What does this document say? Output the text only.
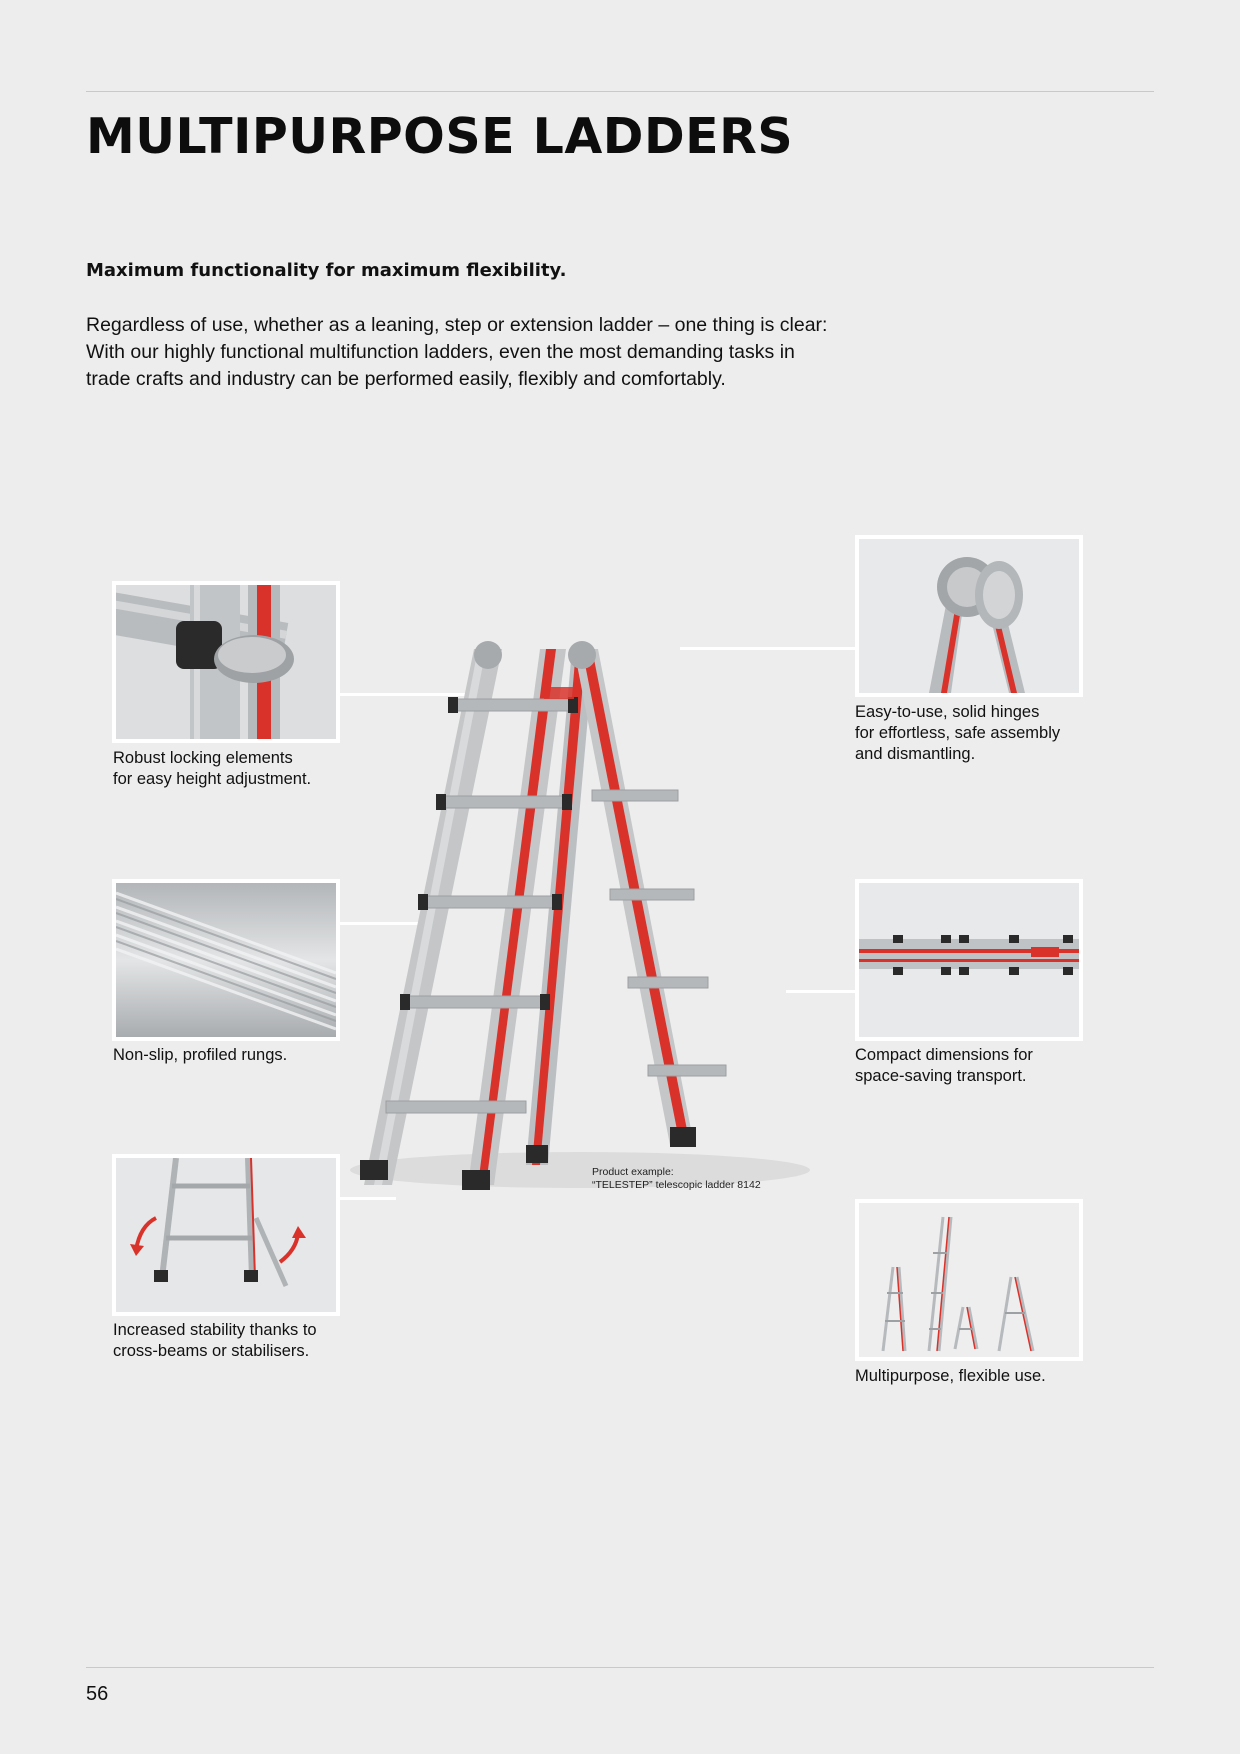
MULTIPURPOSE LADDERS

Maximum functionality for maximum flexibility.

Regardless of use, whether as a leaning, step or extension ladder – one thing is clear:
With our highly functional multifunction ladders, even the most demanding tasks in
trade crafts and industry can be performed easily, flexibly and comfortably.
Robust locking elements
for easy height adjustment.
Non-slip, profiled rungs.
Increased stability thanks to
cross-beams or stabilisers.
Easy-to-use, solid hinges
for effortless, safe assembly
and dismantling.
Compact dimensions for
space-saving transport.
Multipurpose, flexible use.
Product example:
“TELESTEP” telescopic ladder 8142
56
